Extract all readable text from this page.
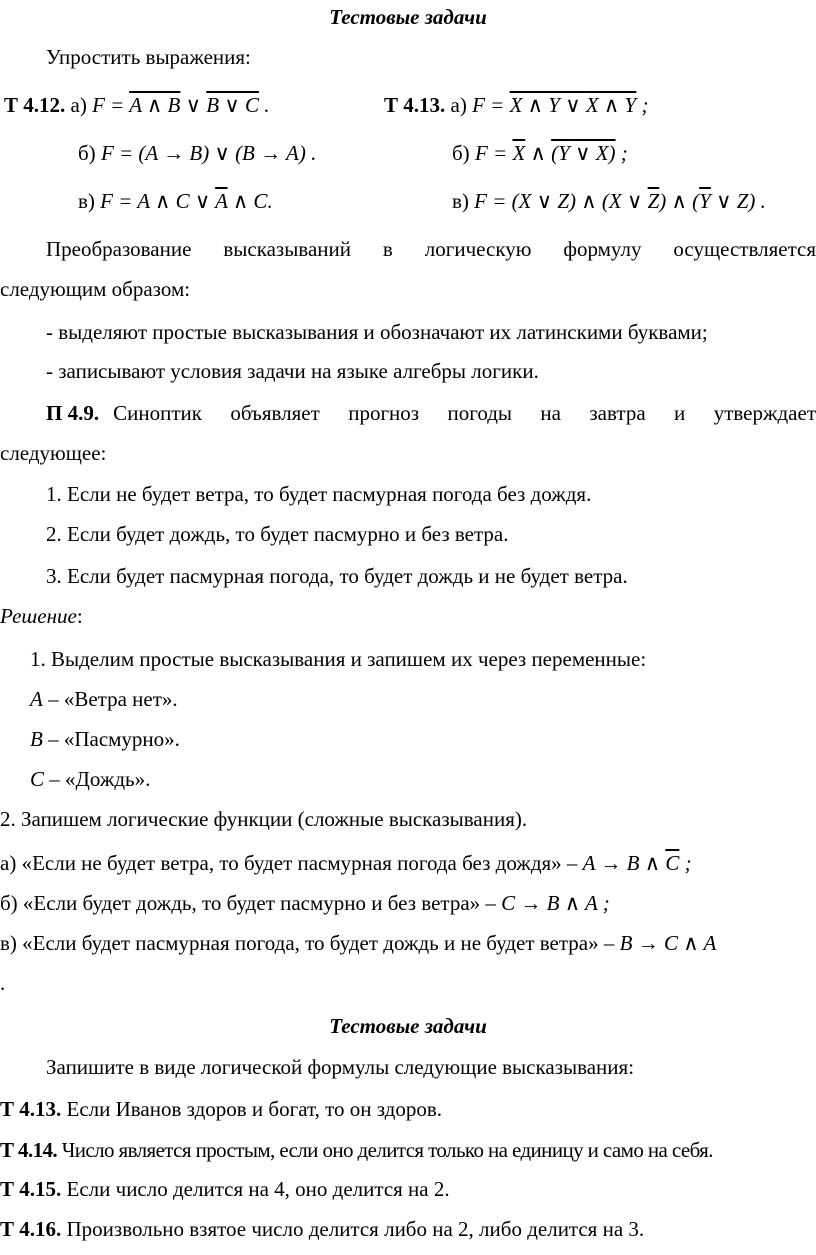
Тестовые задачи
Упростить выражения:
Т 4.12. а) F = A ∧ B ∨ B ∨ C .	Т 4.13. а) F = X ∧ Y ∨ X ∧ Y ;
б) F = (A → B) ∨ (B → A) .	б) $F = \overline{X}$ ∧ (Y ∨ X) ;
в) F = A ∧ C ∨ $\overline{A}$ ∧ C.	в) F = (X ∨ Z) ∧ (X ∨ $\overline{Z}$) ∧ ($\overline{Y}$ ∨ Z) .
Преобразование высказываний в логическую формулу осуществляется
следующим образом:
- выделяют простые высказывания и обозначают их латинскими буквами;
- записывают условия задачи на языке алгебры логики.
П 4.9. Синоптик объявляет прогноз погоды на завтра и утверждает
следующее:
1. Если не будет ветра, то будет пасмурная погода без дождя.
2. Если будет дождь, то будет пасмурно и без ветра.
3. Если будет пасмурная погода, то будет дождь и не будет ветра.
Решение:
1. Выделим простые высказывания и запишем их через переменные:
A – «Ветра нет».
B – «Пасмурно».
C – «Дождь».
2. Запишем логические функции (сложные высказывания).
а) «Если не будет ветра, то будет пасмурная погода без дождя» – A → B ∧ $\overline{C}$ ;
б) «Если будет дождь, то будет пасмурно и без ветра» – C → B ∧ A ;
в) «Если будет пасмурная погода, то будет дождь и не будет ветра» – B → C ∧ A
.
Тестовые задачи
Запишите в виде логической формулы следующие высказывания:
Т 4.13. Если Иванов здоров и богат, то он здоров.
Т 4.14. Число является простым, если оно делится только на единицу и само на себя.
Т 4.15. Если число делится на 4, оно делится на 2.
Т 4.16. Произвольно взятое число делится либо на 2, либо делится на 3.
